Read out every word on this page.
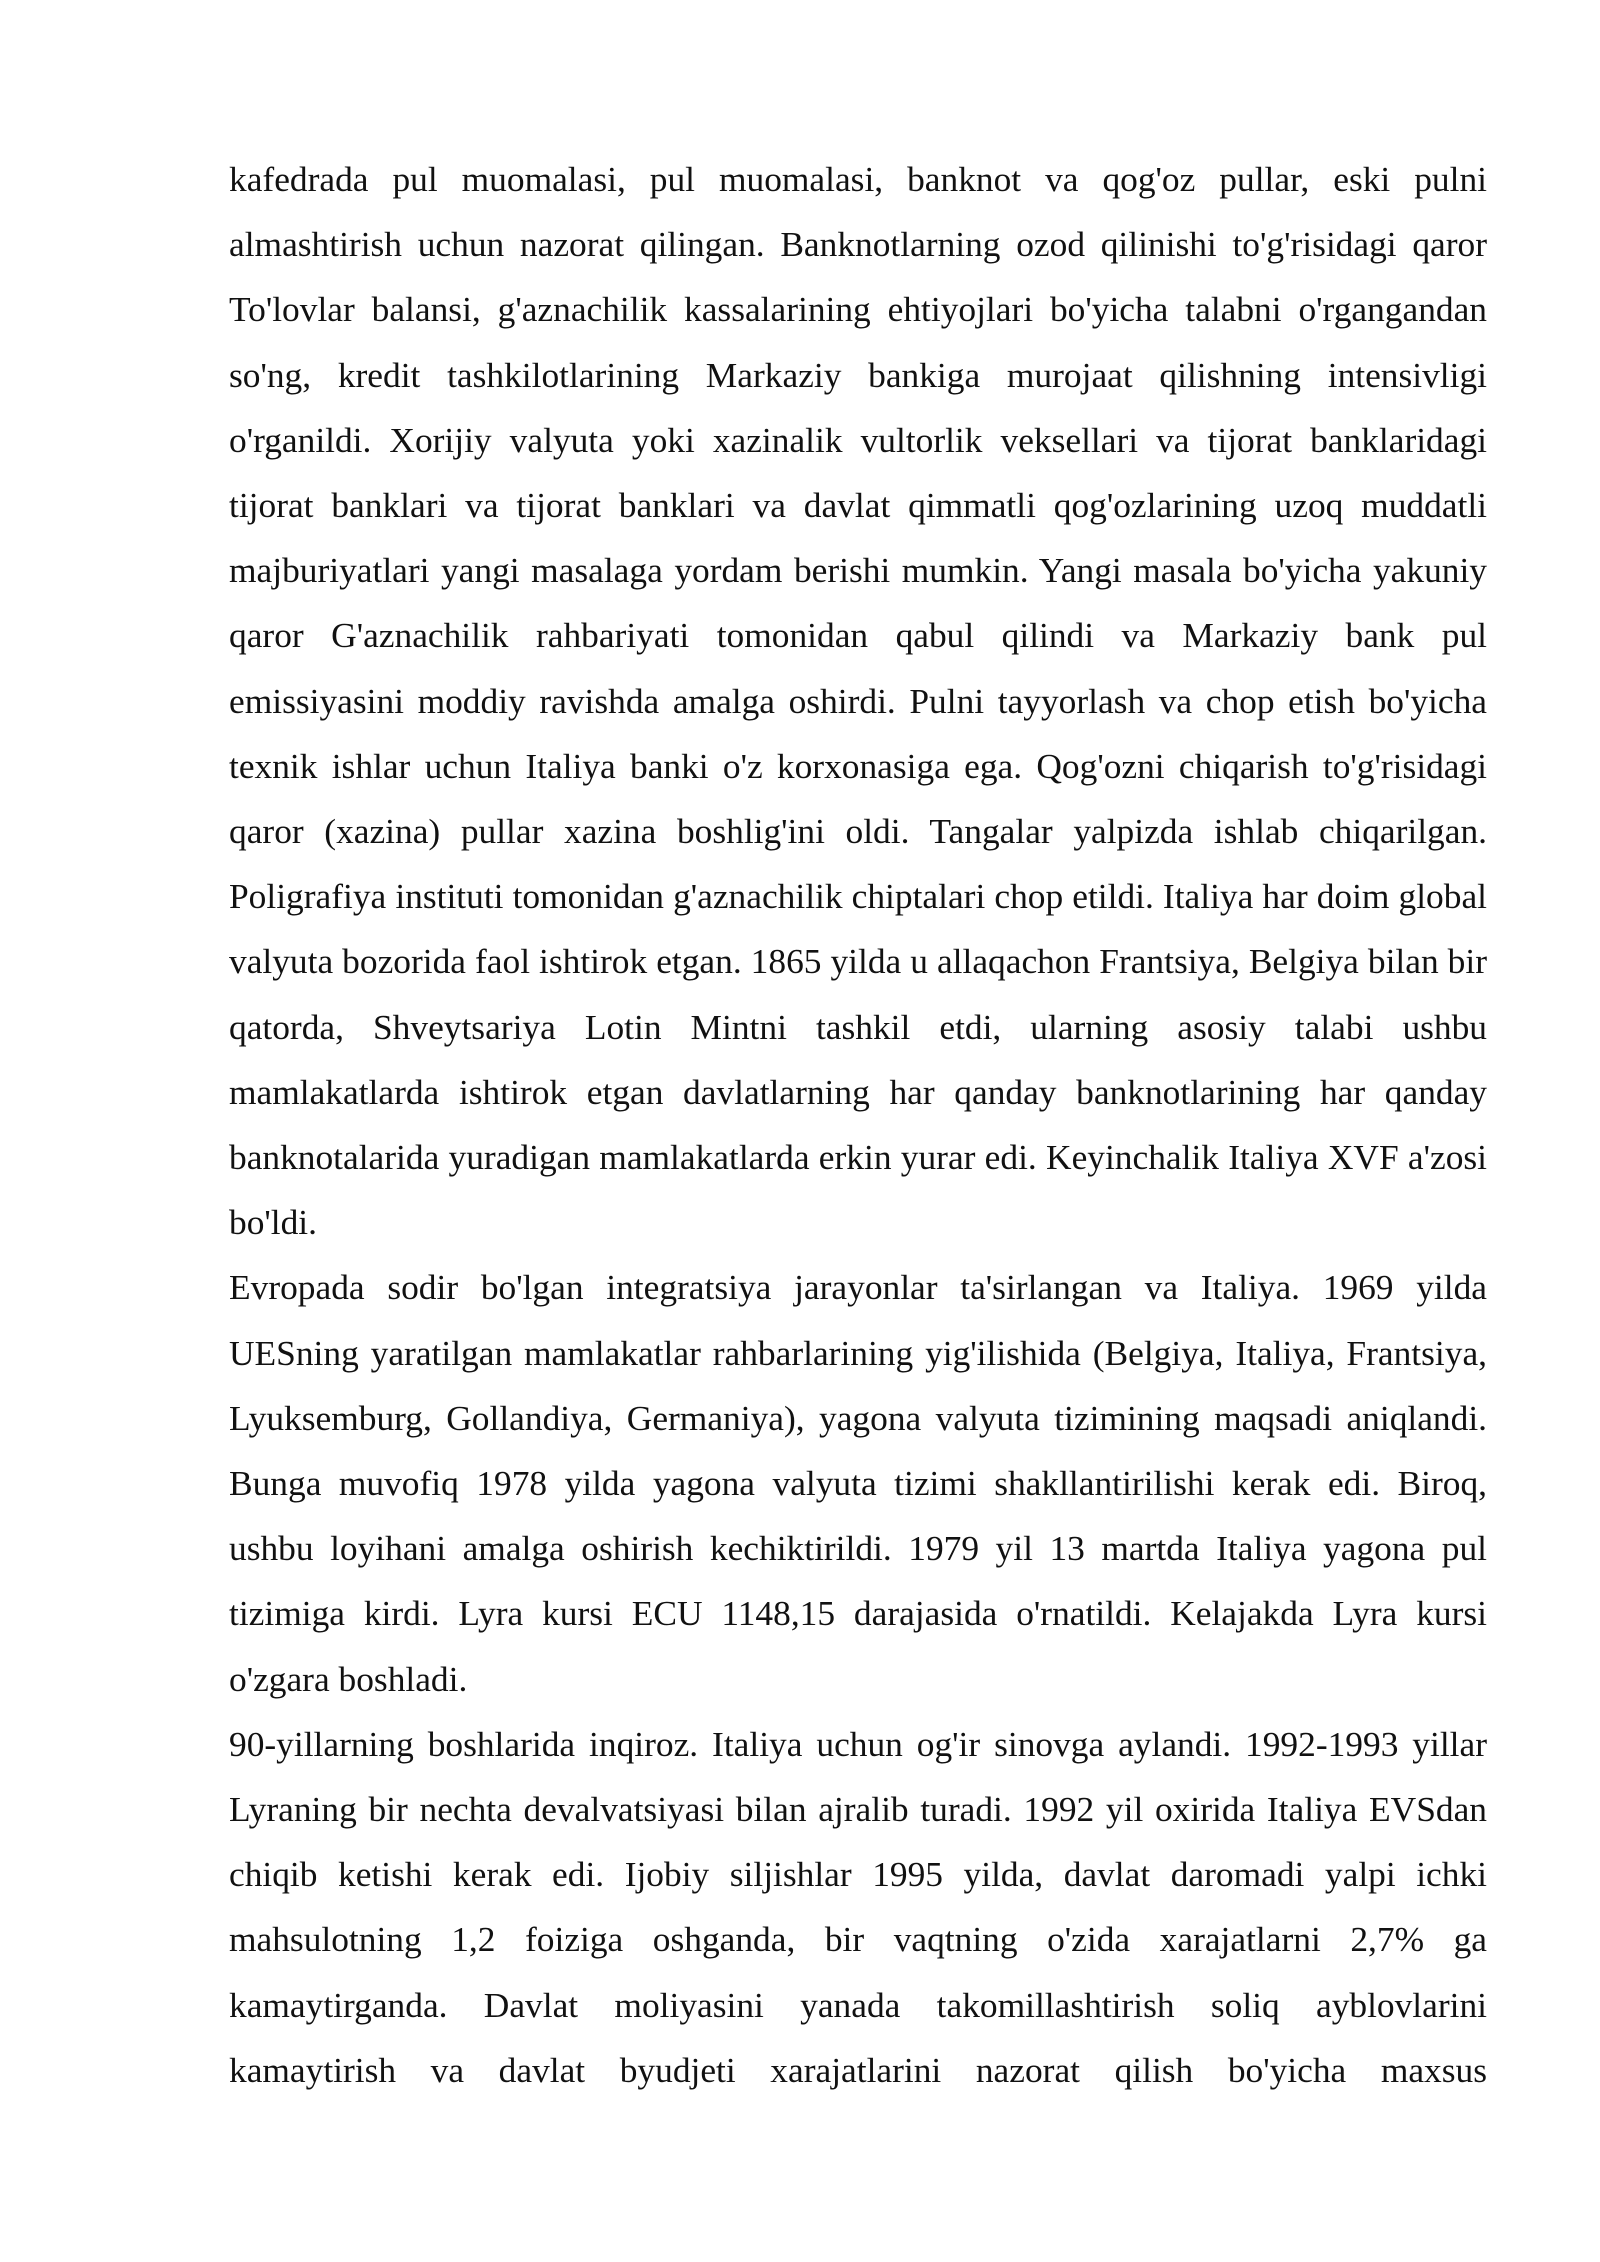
kafedrada pul muomalasi, pul muomalasi, banknot va qog'oz pullar, eski pulni almashtirish uchun nazorat qilingan. Banknotlarning ozod qilinishi to'g'risidagi qaror To'lovlar balansi, g'aznachilik kassalarining ehtiyojlari bo'yicha talabni o'rgangandan so'ng, kredit tashkilotlarining Markaziy bankiga murojaat qilishning intensivligi o'rganildi. Xorijiy valyuta yoki xazinalik vultorlik veksellari va tijorat banklaridagi tijorat banklari va tijorat banklari va davlat qimmatli qog'ozlarining uzoq muddatli majburiyatlari yangi masalaga yordam berishi mumkin. Yangi masala bo'yicha yakuniy qaror G'aznachilik rahbariyati tomonidan qabul qilindi va Markaziy bank pul emissiyasini moddiy ravishda amalga oshirdi. Pulni tayyorlash va chop etish bo'yicha texnik ishlar uchun Italiya banki o'z korxonasiga ega. Qog'ozni chiqarish to'g'risidagi qaror (xazina) pullar xazina boshlig'ini oldi. Tangalar yalpizda ishlab chiqarilgan. Poligrafiya instituti tomonidan g'aznachilik chiptalari chop etildi. Italiya har doim global valyuta bozorida faol ishtirok etgan. 1865 yilda u allaqachon Frantsiya, Belgiya bilan bir qatorda, Shveytsariya Lotin Mintni tashkil etdi, ularning asosiy talabi ushbu mamlakatlarda ishtirok etgan davlatlarning har qanday banknotlarining har qanday banknotalarida yuradigan mamlakatlarda erkin yurar edi. Keyinchalik Italiya XVF a'zosi bo'ldi.

Evropada sodir bo'lgan integratsiya jarayonlar ta'sirlangan va Italiya. 1969 yilda UESning yaratilgan mamlakatlar rahbarlarining yig'ilishida (Belgiya, Italiya, Frantsiya, Lyuksemburg, Gollandiya, Germaniya), yagona valyuta tizimining maqsadi aniqlandi. Bunga muvofiq 1978 yilda yagona valyuta tizimi shakllantirilishi kerak edi. Biroq, ushbu loyihani amalga oshirish kechiktirildi. 1979 yil 13 martda Italiya yagona pul tizimiga kirdi. Lyra kursi ECU 1148,15 darajasida o'rnatildi. Kelajakda Lyra kursi o'zgara boshladi.

90-yillarning boshlarida inqiroz. Italiya uchun og'ir sinovga aylandi. 1992-1993 yillar Lyraning bir nechta devalvatsiyasi bilan ajralib turadi. 1992 yil oxirida Italiya EVSdan chiqib ketishi kerak edi. Ijobiy siljishlar 1995 yilda, davlat daromadi yalpi ichki mahsulotning 1,2 foiziga oshganda, bir vaqtning o'zida xarajatlarni 2,7% ga kamaytirganda. Davlat moliyasini yanada takomillashtirish soliq ayblovlarini kamaytirish va davlat byudjeti xarajatlarini nazorat qilish bo'yicha maxsus
